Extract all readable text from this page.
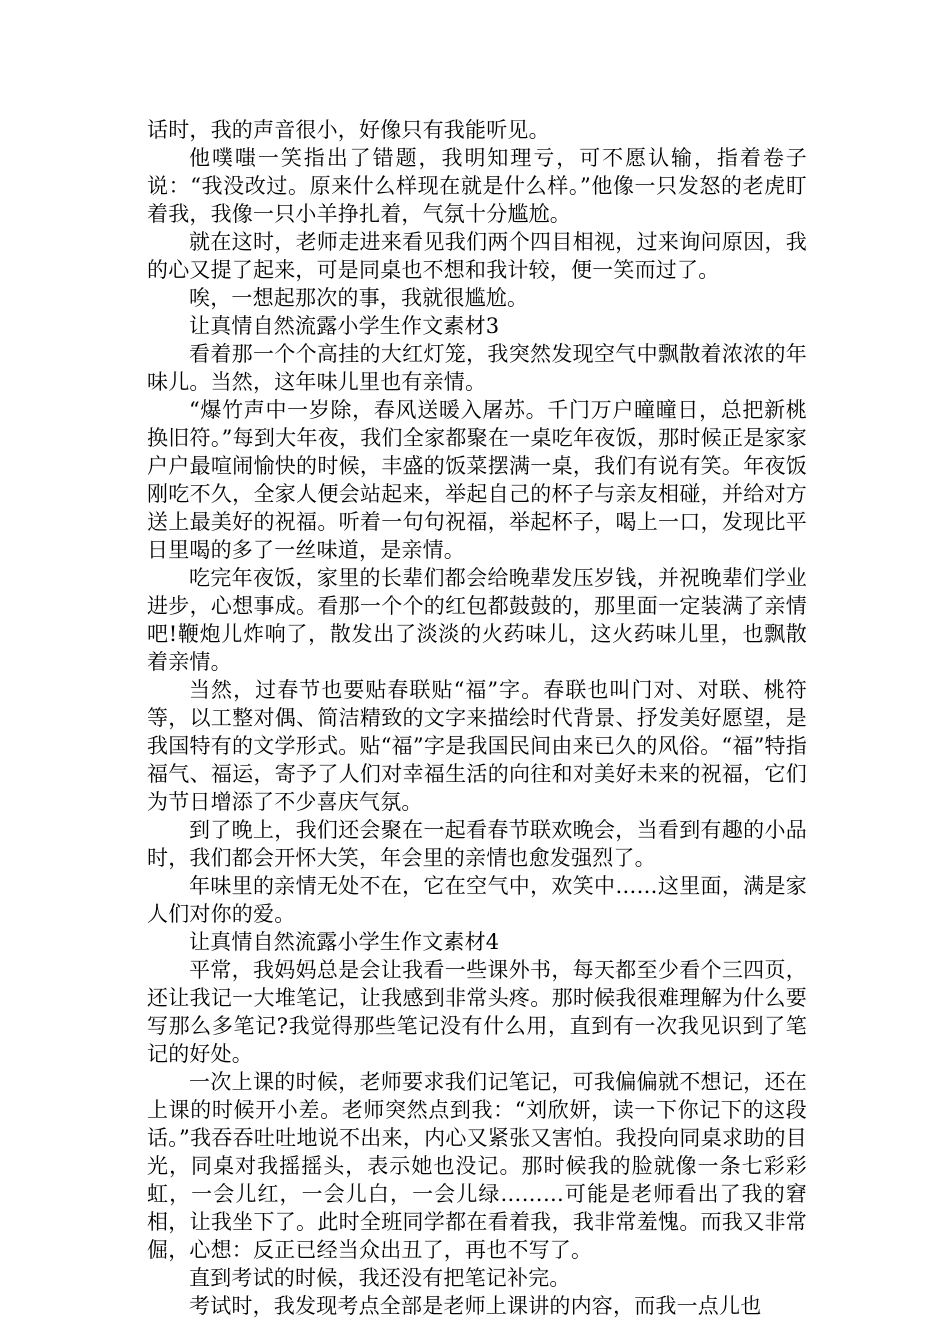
话时，我的声音很小，好像只有我能听见。

他噗嗤一笑指出了错题，我明知理亏，可不愿认输，指着卷子说：“我没改过。原来什么样现在就是什么样。”他像一只发怒的老虎盯着我，我像一只小羊挣扎着，气氛十分尴尬。

就在这时，老师走进来看见我们两个四目相视，过来询问原因，我的心又提了起来，可是同桌也不想和我计较，便一笑而过了。

唉，一想起那次的事，我就很尴尬。

让真情自然流露小学生作文素材3

看着那一个个高挂的大红灯笼，我突然发现空气中飘散着浓浓的年味儿。当然，这年味儿里也有亲情。

“爆竹声中一岁除，春风送暖入屠苏。千门万户曈曈日，总把新桃换旧符。”每到大年夜，我们全家都聚在一桌吃年夜饭，那时候正是家家户户最喧闹愉快的时候，丰盛的饭菜摆满一桌，我们有说有笑。年夜饭刚吃不久，全家人便会站起来，举起自己的杯子与亲友相碰，并给对方送上最美好的祝福。听着一句句祝福，举起杯子，喝上一口，发现比平日里喝的多了一丝味道，是亲情。

吃完年夜饭，家里的长辈们都会给晚辈发压岁钱，并祝晚辈们学业进步，心想事成。看那一个个的红包都鼓鼓的，那里面一定装满了亲情吧!鞭炮儿炸响了，散发出了淡淡的火药味儿，这火药味儿里，也飘散着亲情。

当然，过春节也要贴春联贴“福”字。春联也叫门对、对联、桃符等，以工整对偶、简洁精致的文字来描绘时代背景、抒发美好愿望，是我国特有的文学形式。贴“福”字是我国民间由来已久的风俗。“福”特指福气、福运，寄予了人们对幸福生活的向往和对美好未来的祝福，它们为节日增添了不少喜庆气氛。

到了晚上，我们还会聚在一起看春节联欢晚会，当看到有趣的小品时，我们都会开怀大笑，年会里的亲情也愈发强烈了。

年味里的亲情无处不在，它在空气中，欢笑中……这里面，满是家人们对你的爱。

让真情自然流露小学生作文素材4

平常，我妈妈总是会让我看一些课外书，每天都至少看个三四页，还让我记一大堆笔记，让我感到非常头疼。那时候我很难理解为什么要写那么多笔记?我觉得那些笔记没有什么用，直到有一次我见识到了笔记的好处。

一次上课的时候，老师要求我们记笔记，可我偏偏就不想记，还在上课的时候开小差。老师突然点到我：“刘欣妍，读一下你记下的这段话。”我吞吞吐吐地说不出来，内心又紧张又害怕。我投向同桌求助的目光，同桌对我摇摇头，表示她也没记。那时候我的脸就像一条七彩彩虹，一会儿红，一会儿白，一会儿绿………可能是老师看出了我的窘相，让我坐下了。此时全班同学都在看着我，我非常羞愧。而我又非常倔，心想：反正已经当众出丑了，再也不写了。

直到考试的时候，我还没有把笔记补完。

考试时，我发现考点全部是老师上课讲的内容，而我一点儿也
